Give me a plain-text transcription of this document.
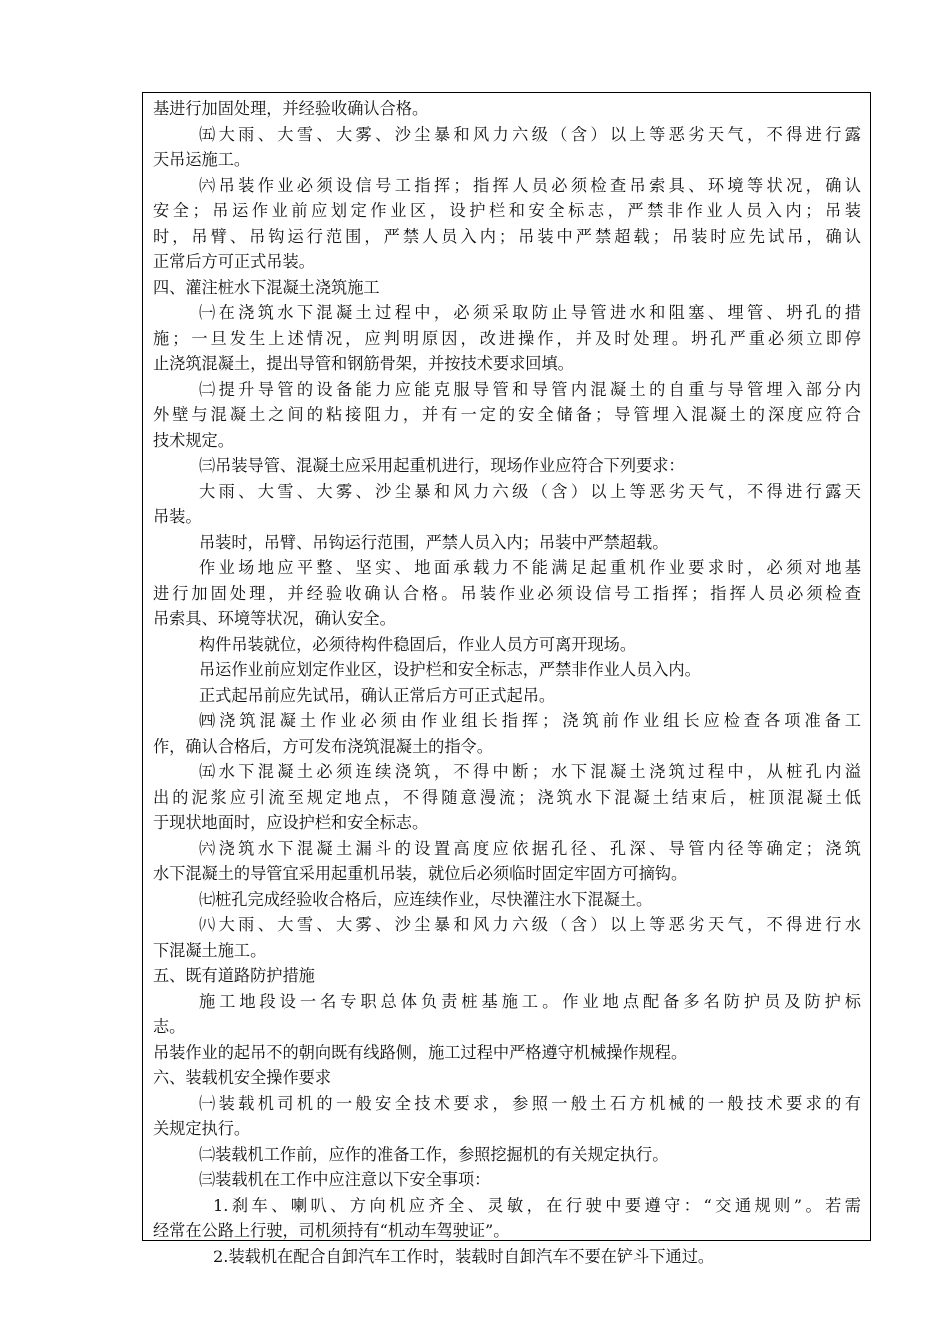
基进行加固处理，并经验收确认合格。
㈤大雨、大雪、大雾、沙尘暴和风力六级（含）以上等恶劣天气，不得进行露
天吊运施工。
㈥吊装作业必须设信号工指挥；指挥人员必须检查吊索具、环境等状况，确认
安全；吊运作业前应划定作业区，设护栏和安全标志，严禁非作业人员入内；吊装
时，吊臂、吊钩运行范围，严禁人员入内；吊装中严禁超载；吊装时应先试吊，确认
正常后方可正式吊装。
四、灌注桩水下混凝土浇筑施工
㈠在浇筑水下混凝土过程中，必须采取防止导管进水和阻塞、埋管、坍孔的措
施；一旦发生上述情况，应判明原因，改进操作，并及时处理。坍孔严重必须立即停
止浇筑混凝土，提出导管和钢筋骨架，并按技术要求回填。
㈡提升导管的设备能力应能克服导管和导管内混凝土的自重与导管埋入部分内
外壁与混凝土之间的粘接阻力，并有一定的安全储备；导管埋入混凝土的深度应符合
技术规定。
㈢吊装导管、混凝土应采用起重机进行，现场作业应符合下列要求：
大雨、大雪、大雾、沙尘暴和风力六级（含）以上等恶劣天气，不得进行露天
吊装。
吊装时，吊臂、吊钩运行范围，严禁人员入内；吊装中严禁超载。
作业场地应平整、坚实、地面承载力不能满足起重机作业要求时，必须对地基
进行加固处理，并经验收确认合格。吊装作业必须设信号工指挥；指挥人员必须检查
吊索具、环境等状况，确认安全。
构件吊装就位，必须待构件稳固后，作业人员方可离开现场。
吊运作业前应划定作业区，设护栏和安全标志，严禁非作业人员入内。
正式起吊前应先试吊，确认正常后方可正式起吊。
㈣浇筑混凝土作业必须由作业组长指挥；浇筑前作业组长应检查各项准备工
作，确认合格后，方可发布浇筑混凝土的指令。
㈤水下混凝土必须连续浇筑，不得中断；水下混凝土浇筑过程中，从桩孔内溢
出的泥浆应引流至规定地点，不得随意漫流；浇筑水下混凝土结束后，桩顶混凝土低
于现状地面时，应设护栏和安全标志。
㈥浇筑水下混凝土漏斗的设置高度应依据孔径、孔深、导管内径等确定；浇筑
水下混凝土的导管宜采用起重机吊装，就位后必须临时固定牢固方可摘钩。
㈦桩孔完成经验收合格后，应连续作业，尽快灌注水下混凝土。
㈧大雨、大雪、大雾、沙尘暴和风力六级（含）以上等恶劣天气，不得进行水
下混凝土施工。
五、既有道路防护措施
施工地段设一名专职总体负责桩基施工。作业地点配备多名防护员及防护标
志。
吊装作业的起吊不的朝向既有线路侧，施工过程中严格遵守机械操作规程。
六、装载机安全操作要求
㈠装载机司机的一般安全技术要求，参照一般土石方机械的一般技术要求的有
关规定执行。
㈡装载机工作前，应作的准备工作，参照挖掘机的有关规定执行。
㈢装载机在工作中应注意以下安全事项：
1.刹车、喇叭、方向机应齐全、灵敏，在行驶中要遵守：“交通规则”。若需
经常在公路上行驶，司机须持有“机动车驾驶证”。
2.装载机在配合自卸汽车工作时，装载时自卸汽车不要在铲斗下通过。
